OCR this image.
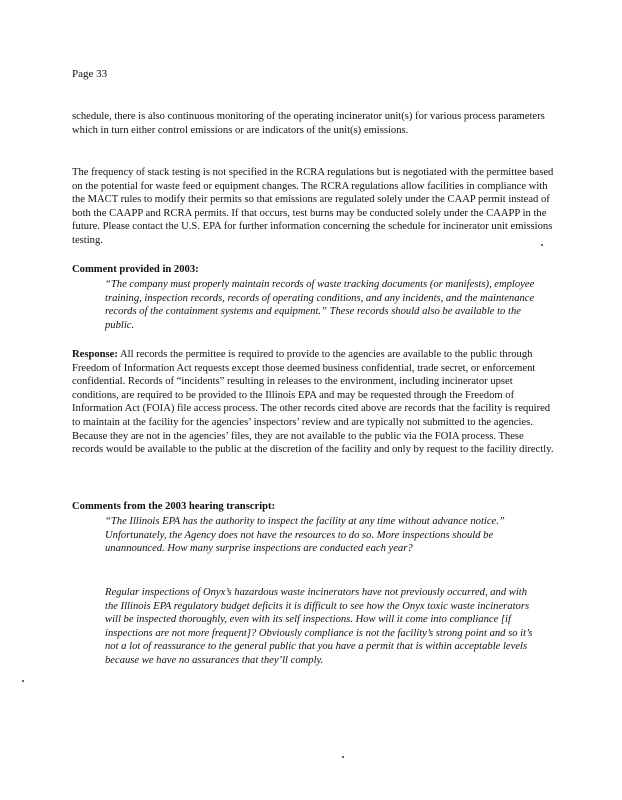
Page 33

schedule, there is also continuous monitoring of the operating incinerator unit(s) for various process parameters which in turn either control emissions or are indicators of the unit(s) emissions.

The frequency of stack testing is not specified in the RCRA regulations but is negotiated with the permittee based on the potential for waste feed or equipment changes. The RCRA regulations allow facilities in compliance with the MACT rules to modify their permits so that emissions are regulated solely under the CAAP permit instead of both the CAAPP and RCRA permits. If that occurs, test burns may be conducted solely under the CAAPP in the future. Please contact the U.S. EPA for further information concerning the schedule for incinerator unit emissions testing.

Comment provided in 2003:

“The company must properly maintain records of waste tracking documents (or manifests), employee training, inspection records, records of operating conditions, and any incidents, and the maintenance records of the containment systems and equipment.” These records should also be available to the public.

Response: All records the permittee is required to provide to the agencies are available to the public through Freedom of Information Act requests except those deemed business confidential, trade secret, or enforcement confidential. Records of “incidents” resulting in releases to the environment, including incinerator upset conditions, are required to be provided to the Illinois EPA and may be requested through the Freedom of Information Act (FOIA) file access process. The other records cited above are records that the facility is required to maintain at the facility for the agencies’ inspectors’ review and are typically not submitted to the agencies. Because they are not in the agencies’ files, they are not available to the public via the FOIA process. These records would be available to the public at the discretion of the facility and only by request to the facility directly.

Comments from the 2003 hearing transcript:

“The Illinois EPA has the authority to inspect the facility at any time without advance notice.” Unfortunately, the Agency does not have the resources to do so. More inspections should be unannounced. How many surprise inspections are conducted each year?

Regular inspections of Onyx’s hazardous waste incinerators have not previously occurred, and with the Illinois EPA regulatory budget deficits it is difficult to see how the Onyx toxic waste incinerators will be inspected thoroughly, even with its self inspections. How will it come into compliance [if inspections are not more frequent]? Obviously compliance is not the facility’s strong point and so it’s not a lot of reassurance to the general public that you have a permit that is within acceptable levels because we have no assurances that they’ll comply.
